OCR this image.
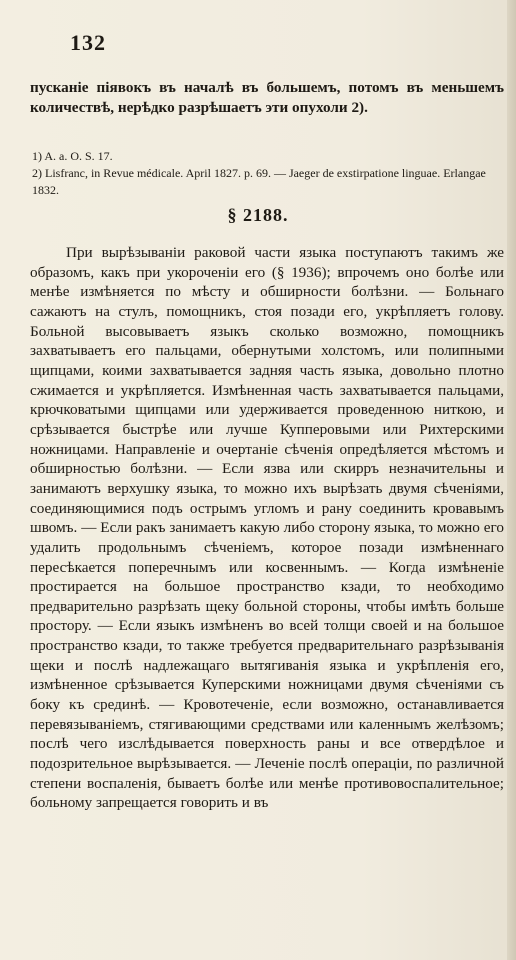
132

пусканіе піявокъ въ началѣ въ большемъ, потомъ въ меньшемъ количествѣ, нерѣдко разрѣшаетъ эти опухоли 2).

1) A. a. O. S. 17.

2) Lisfranc, in Revue médicale. April 1827. p. 69. — Jaeger de exstirpatione linguae. Erlangae 1832.

§ 2188.

При вырѣзываніи раковой части языка поступаютъ такимъ же образомъ, какъ при укороченіи его (§ 1936); впрочемъ оно болѣе или менѣе измѣняется по мѣсту и обширности болѣзни. — Больнаго сажаютъ на стулъ, помощникъ, стоя позади его, укрѣпляетъ голову. Больной высовываетъ языкъ сколько возможно, помощникъ захватываетъ его пальцами, обернутыми холстомъ, или полипными щипцами, коими захватывается задняя часть языка, довольно плотно сжимается и укрѣпляется. Измѣненная часть захватывается пальцами, крючковатыми щипцами или удерживается проведенною ниткою, и срѣзывается быстрѣе или лучше Купперовыми или Рихтерскими ножницами. Направленіе и очертаніе сѣченія опредѣляется мѣстомъ и обширностью болѣзни. — Если язва или скирръ незначительны и занимаютъ верхушку языка, то можно ихъ вырѣзать двумя сѣченіями, соединяющимися подъ острымъ угломъ и рану соединить кровавымъ швомъ. — Если ракъ занимаетъ какую либо сторону языка, то можно его удалить продольнымъ сѣченіемъ, которое позади измѣненнаго пересѣкается поперечнымъ или косвеннымъ. — Когда измѣненіе простирается на большое пространство кзади, то необходимо предварительно разрѣзать щеку больной стороны, чтобы имѣть больше простору. — Если языкъ измѣненъ во всей толщи своей и на большое пространство кзади, то также требуется предварительнаго разрѣзыванія щеки и послѣ надлежащаго вытягиванія языка и укрѣпленія его, измѣненное срѣзывается Куперскими ножницами двумя сѣченіями съ боку къ срединѣ. — Кровотеченіе, если возможно, останавливается перевязываніемъ, стягивающими средствами или каленнымъ желѣзомъ; послѣ чего изслѣдывается поверхность раны и все отвердѣлое и подозрительное вырѣзывается. — Леченіе послѣ операціи, по различной степени воспаленія, бываетъ болѣе или менѣе противовоспалительное; больному запрещается говорить и въ
